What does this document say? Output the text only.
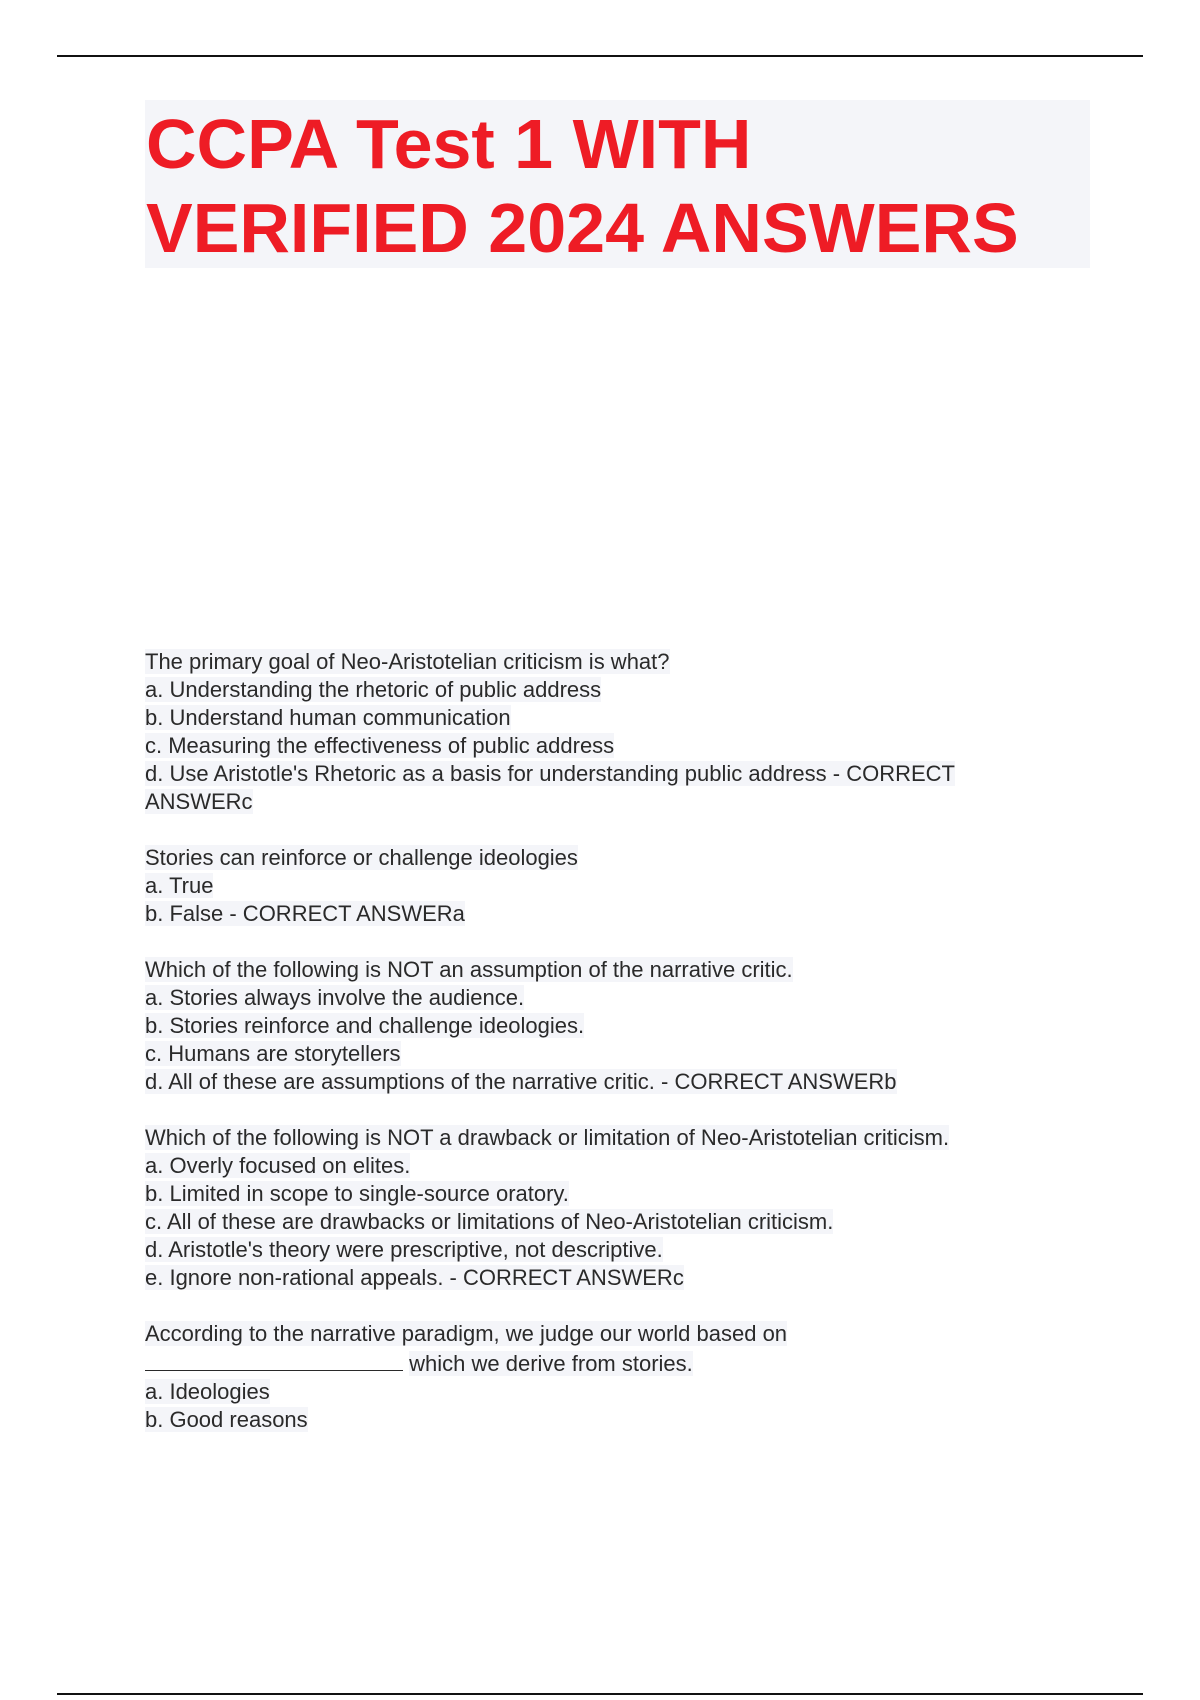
CCPA Test 1 WITH
VERIFIED 2024 ANSWERS
The primary goal of Neo-Aristotelian criticism is what?
a. Understanding the rhetoric of public address
b. Understand human communication
c. Measuring the effectiveness of public address
d. Use Aristotle's Rhetoric as a basis for understanding public address - CORRECT
ANSWERc
Stories can reinforce or challenge ideologies
a. True
b. False - CORRECT ANSWERa
Which of the following is NOT an assumption of the narrative critic.
a. Stories always involve the audience.
b. Stories reinforce and challenge ideologies.
c. Humans are storytellers
d. All of these are assumptions of the narrative critic. - CORRECT ANSWERb
Which of the following is NOT a drawback or limitation of Neo-Aristotelian criticism.
a. Overly focused on elites.
b. Limited in scope to single-source oratory.
c. All of these are drawbacks or limitations of Neo-Aristotelian criticism.
d. Aristotle's theory were prescriptive, not descriptive.
e. Ignore non-rational appeals. - CORRECT ANSWERc
According to the narrative paradigm, we judge our world based on
which we derive from stories.
a. Ideologies
b. Good reasons
